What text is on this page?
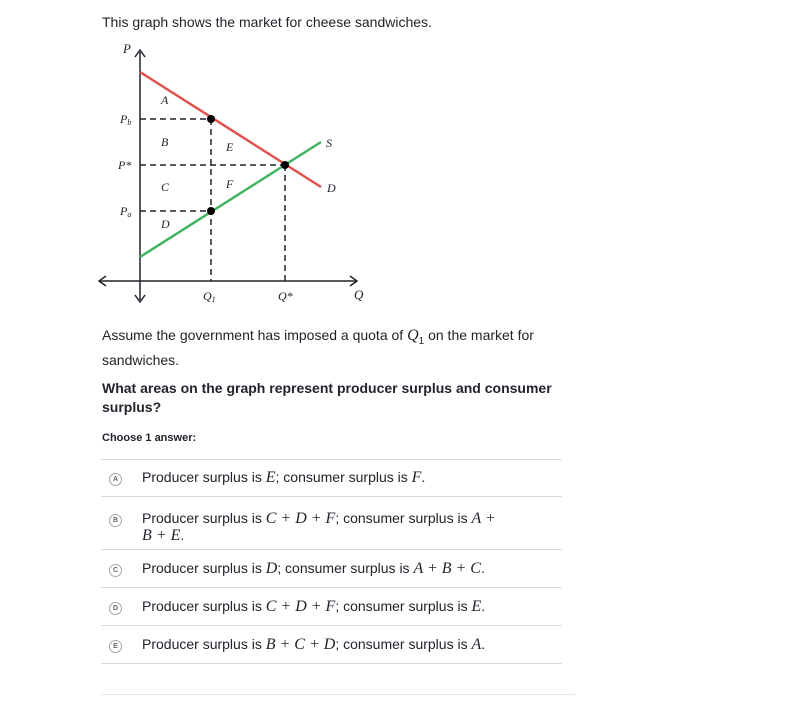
This graph shows the market for cheese sandwiches.
P
Q
Pb
P*
Pa
Q1	Q*
S
D
A
B
C
D
E
F
Assume the government has imposed a quota of $Q_1$ on the market for sandwiches.
What areas on the graph represent producer surplus and consumer surplus?
Choose 1 answer:
A Producer surplus is E; consumer surplus is F.
B Producer surplus is C + D + F; consumer surplus is A + B + E.
C Producer surplus is D; consumer surplus is A + B + C.
D Producer surplus is C + D + F; consumer surplus is E.
E Producer surplus is B + C + D; consumer surplus is A.
